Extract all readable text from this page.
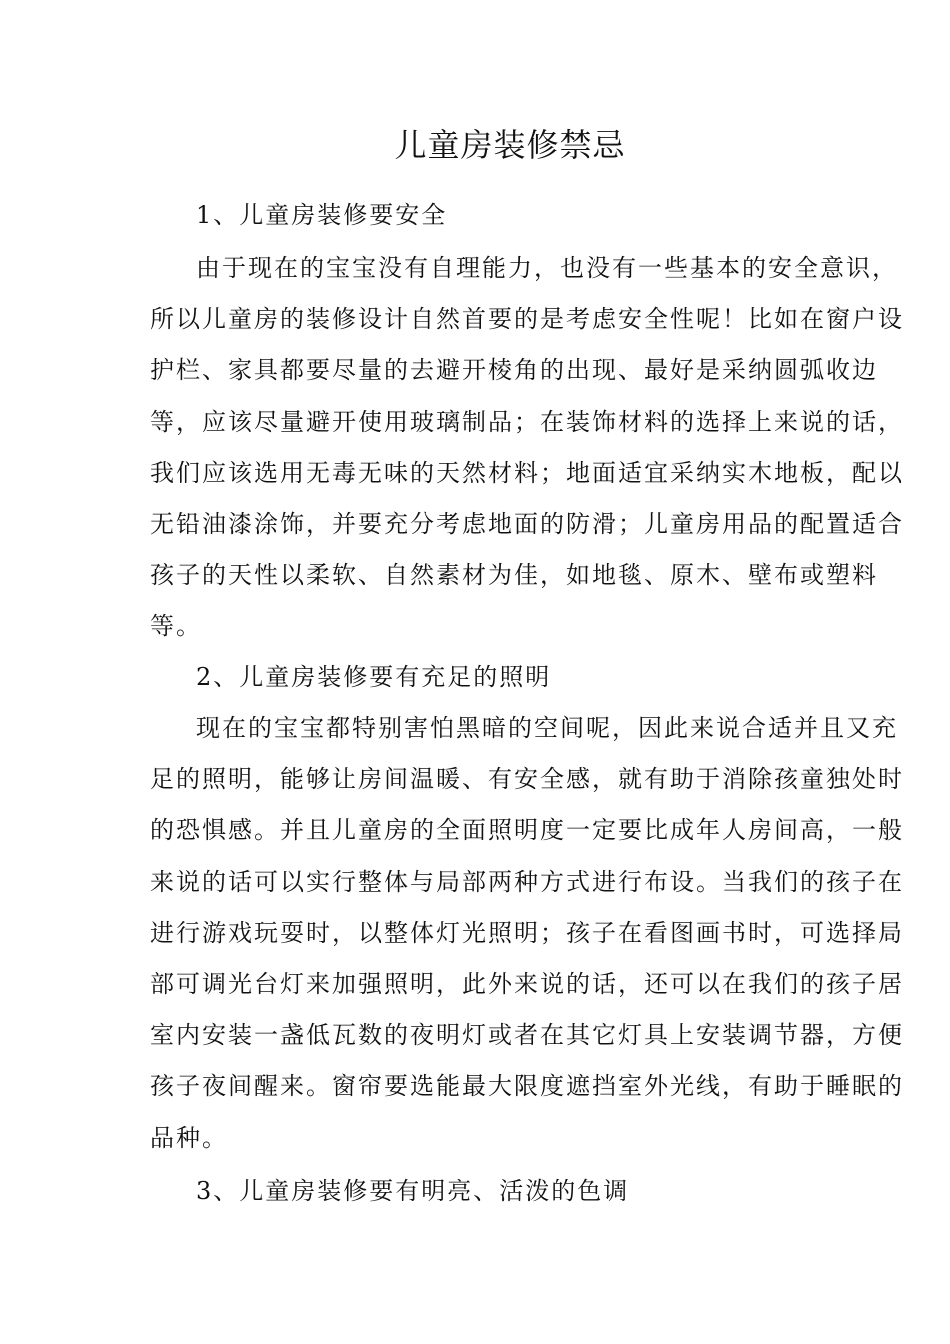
儿童房装修禁忌
1、儿童房装修要安全
由于现在的宝宝没有自理能力，也没有一些基本的安全意识，
所以儿童房的装修设计自然首要的是考虑安全性呢！比如在窗户设
护栏、家具都要尽量的去避开棱角的出现、最好是采纳圆弧收边
等，应该尽量避开使用玻璃制品；在装饰材料的选择上来说的话，
我们应该选用无毒无味的天然材料；地面适宜采纳实木地板，配以
无铅油漆涂饰，并要充分考虑地面的防滑；儿童房用品的配置适合
孩子的天性以柔软、自然素材为佳，如地毯、原木、壁布或塑料
等。
2、儿童房装修要有充足的照明
现在的宝宝都特别害怕黑暗的空间呢，因此来说合适并且又充
足的照明，能够让房间温暖、有安全感，就有助于消除孩童独处时
的恐惧感。并且儿童房的全面照明度一定要比成年人房间高，一般
来说的话可以实行整体与局部两种方式进行布设。当我们的孩子在
进行游戏玩耍时，以整体灯光照明；孩子在看图画书时，可选择局
部可调光台灯来加强照明，此外来说的话，还可以在我们的孩子居
室内安装一盏低瓦数的夜明灯或者在其它灯具上安装调节器，方便
孩子夜间醒来。窗帘要选能最大限度遮挡室外光线，有助于睡眠的
品种。
3、儿童房装修要有明亮、活泼的色调
